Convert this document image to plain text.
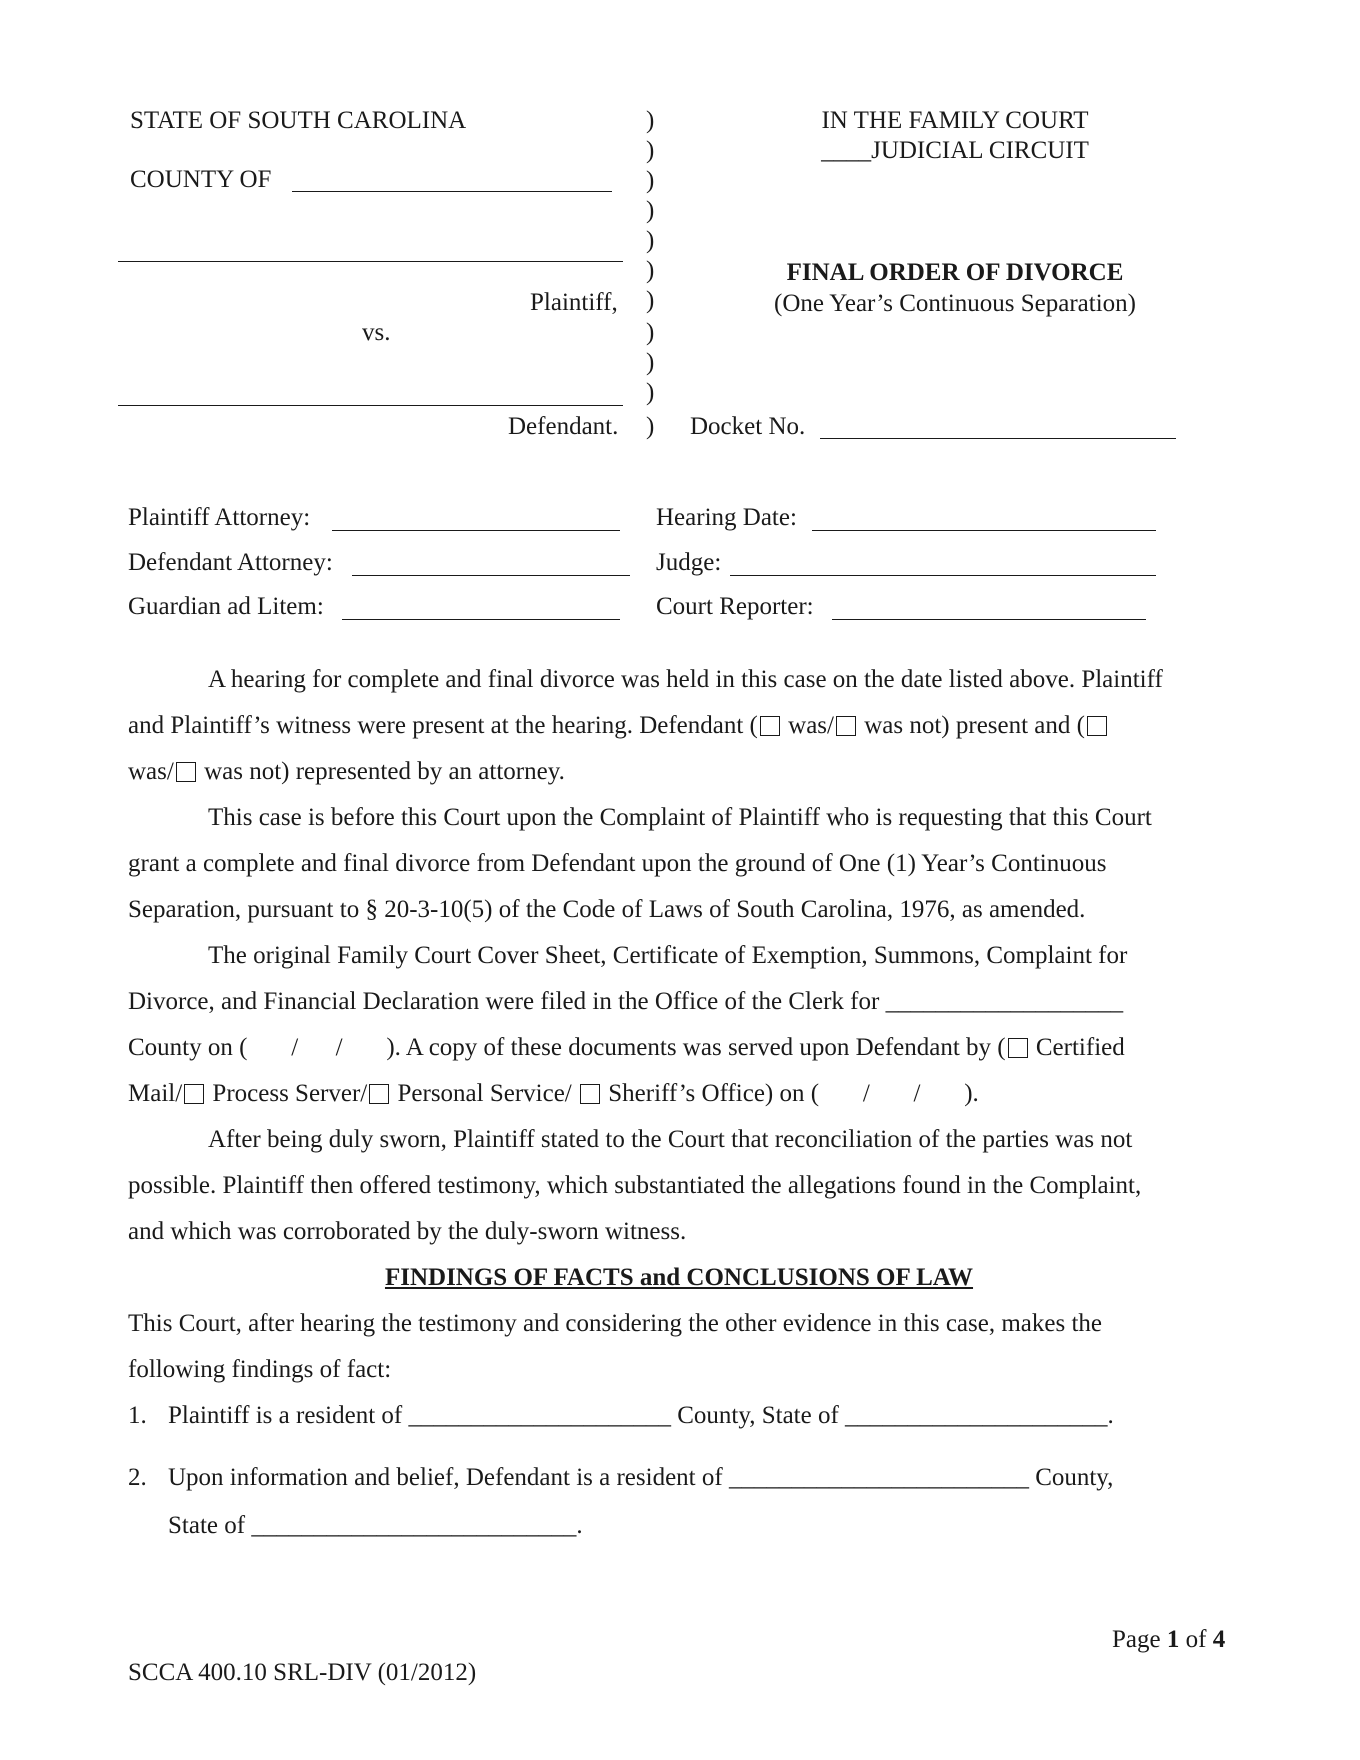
STATE OF SOUTH CAROLINA
COUNTY OF
Plaintiff,
vs.
Defendant.
)
)
)
)
)
)
)
)
)
)
)
IN THE FAMILY COURT
____JUDICIAL CIRCUIT
FINAL ORDER OF DIVORCE
(One Year’s Continuous Separation)
Docket No.
Plaintiff Attorney:
Defendant Attorney:
Guardian ad Litem:
Hearing Date:
Judge:
Court Reporter:
A hearing for complete and final divorce was held in this case on the date listed above. Plaintiff
and Plaintiff’s witness were present at the hearing. Defendant ( was/ was not) present and (
was/ was not) represented by an attorney.
This case is before this Court upon the Complaint of Plaintiff who is requesting that this Court
grant a complete and final divorce from Defendant upon the ground of One (1) Year’s Continuous
Separation, pursuant to § 20-3-10(5) of the Code of Laws of South Carolina, 1976, as amended.
The original Family Court Cover Sheet, Certificate of Exemption, Summons, Complaint for
Divorce, and Financial Declaration were filed in the Office of the Clerk for ___________________
County on (       /      /       ). A copy of these documents was served upon Defendant by ( Certified
Mail/ Process Server/ Personal Service/  Sheriff’s Office) on (       /       /       ).
After being duly sworn, Plaintiff stated to the Court that reconciliation of the parties was not
possible. Plaintiff then offered testimony, which substantiated the allegations found in the Complaint,
and which was corroborated by the duly-sworn witness.
FINDINGS OF FACTS and CONCLUSIONS OF LAW
This Court, after hearing the testimony and considering the other evidence in this case, makes the
following findings of fact:
1. Plaintiff is a resident of _____________________ County, State of _____________________.
2. Upon information and belief, Defendant is a resident of ________________________ County,
State of __________________________.
Page 1 of 4
SCCA 400.10 SRL-DIV (01/2012)
